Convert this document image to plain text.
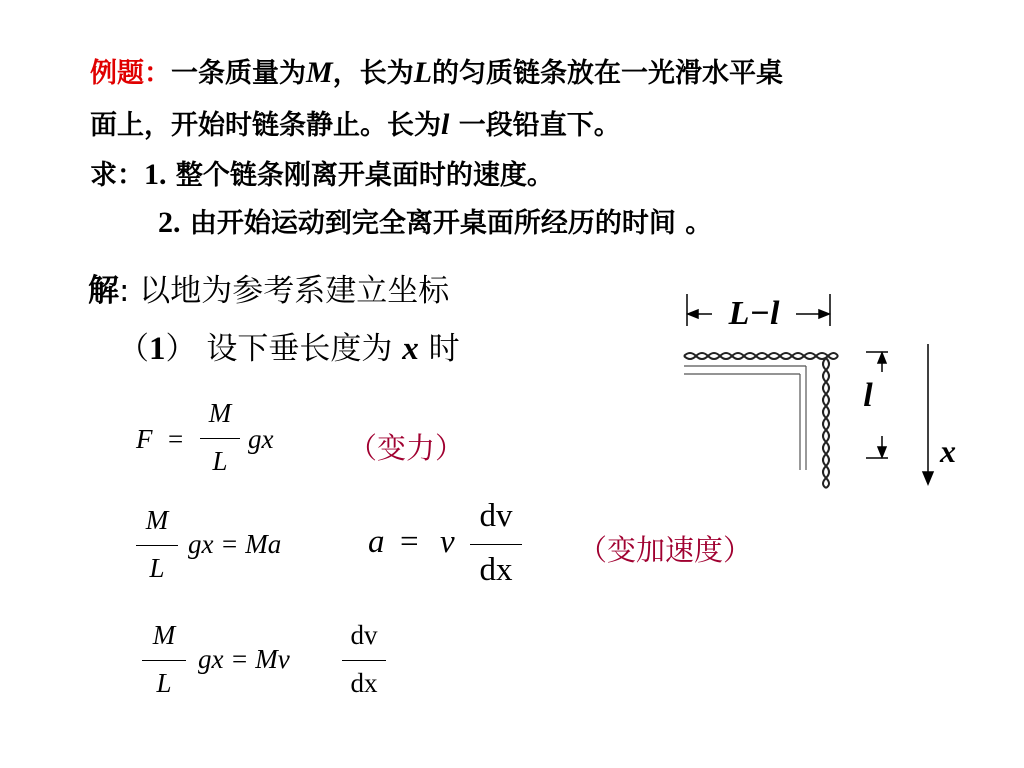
例题：一条质量为M，长为L的匀质链条放在一光滑水平桌
面上，开始时链条静止。长为l 一段铅直下。
求：1. 整个链条刚离开桌面时的速度。
2. 由开始运动到完全离开桌面所经历的时间 。
解: 以地为参考系建立坐标
（1） 设下垂长度为 x 时
F =
M
L
gx	（变力）
M
L
gx = Ma	a = v
dv
dx
（变加速度）
M
L
gx = Mv
dv
dx
L−l
l
x
